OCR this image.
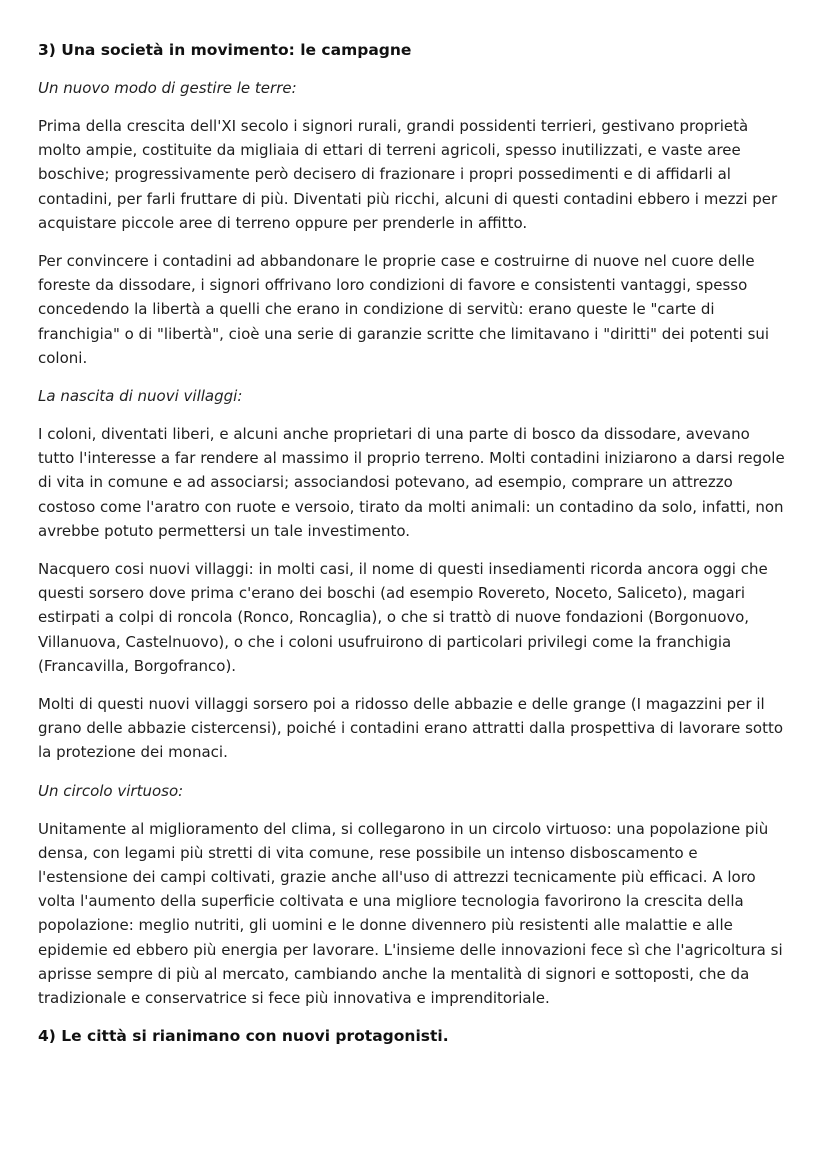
3) Una società in movimento: le campagne
Un nuovo modo di gestire le terre:
Prima della crescita dell'XI secolo i signori rurali, grandi possidenti terrieri, gestivano proprietà molto ampie, costituite da migliaia di ettari di terreni agricoli, spesso inutilizzati, e vaste aree boschive; progressivamente però decisero di frazionare i propri possedimenti e di affidarli al contadini, per farli fruttare di più. Diventati più ricchi, alcuni di questi contadini ebbero i mezzi per acquistare piccole aree di terreno oppure per prenderle in affitto.
Per convincere i contadini ad abbandonare le proprie case e costruirne di nuove nel cuore delle foreste da dissodare, i signori offrivano loro condizioni di favore e consistenti vantaggi, spesso concedendo la libertà a quelli che erano in condizione di servitù: erano queste le "carte di franchigia" o di "libertà", cioè una serie di garanzie scritte che limitavano i "diritti" dei potenti sui coloni.
La nascita di nuovi villaggi:
I coloni, diventati liberi, e alcuni anche proprietari di una parte di bosco da dissodare, avevano tutto l'interesse a far rendere al massimo il proprio terreno. Molti contadini iniziarono a darsi regole di vita in comune e ad associarsi; associandosi potevano, ad esempio, comprare un attrezzo costoso come l'aratro con ruote e versoio, tirato da molti animali: un contadino da solo, infatti, non avrebbe potuto permettersi un tale investimento.
Nacquero cosi nuovi villaggi: in molti casi, il nome di questi insediamenti ricorda ancora oggi che questi sorsero dove prima c'erano dei boschi (ad esempio Rovereto, Noceto, Saliceto), magari estirpati a colpi di roncola (Ronco, Roncaglia), o che si trattò di nuove fondazioni (Borgonuovo, Villanuova, Castelnuovo), o che i coloni usufruirono di particolari privilegi come la franchigia (Francavilla, Borgofranco).
Molti di questi nuovi villaggi sorsero poi a ridosso delle abbazie e delle grange (I magazzini per il grano delle abbazie cistercensi), poiché i contadini erano attratti dalla prospettiva di lavorare sotto la protezione dei monaci.
Un circolo virtuoso:
Unitamente al miglioramento del clima, si collegarono in un circolo virtuoso: una popolazione più densa, con legami più stretti di vita comune, rese possibile un intenso disboscamento e l'estensione dei campi coltivati, grazie anche all'uso di attrezzi tecnicamente più efficaci. A loro volta l'aumento della superficie coltivata e una migliore tecnologia favorirono la crescita della popolazione: meglio nutriti, gli uomini e le donne divennero più resistenti alle malattie e alle epidemie ed ebbero più energia per lavorare. L'insieme delle innovazioni fece sì che l'agricoltura si aprisse sempre di più al mercato, cambiando anche la mentalità di signori e sottoposti, che da tradizionale e conservatrice si fece più innovativa e imprenditoriale.
4) Le città si rianimano con nuovi protagonisti.
